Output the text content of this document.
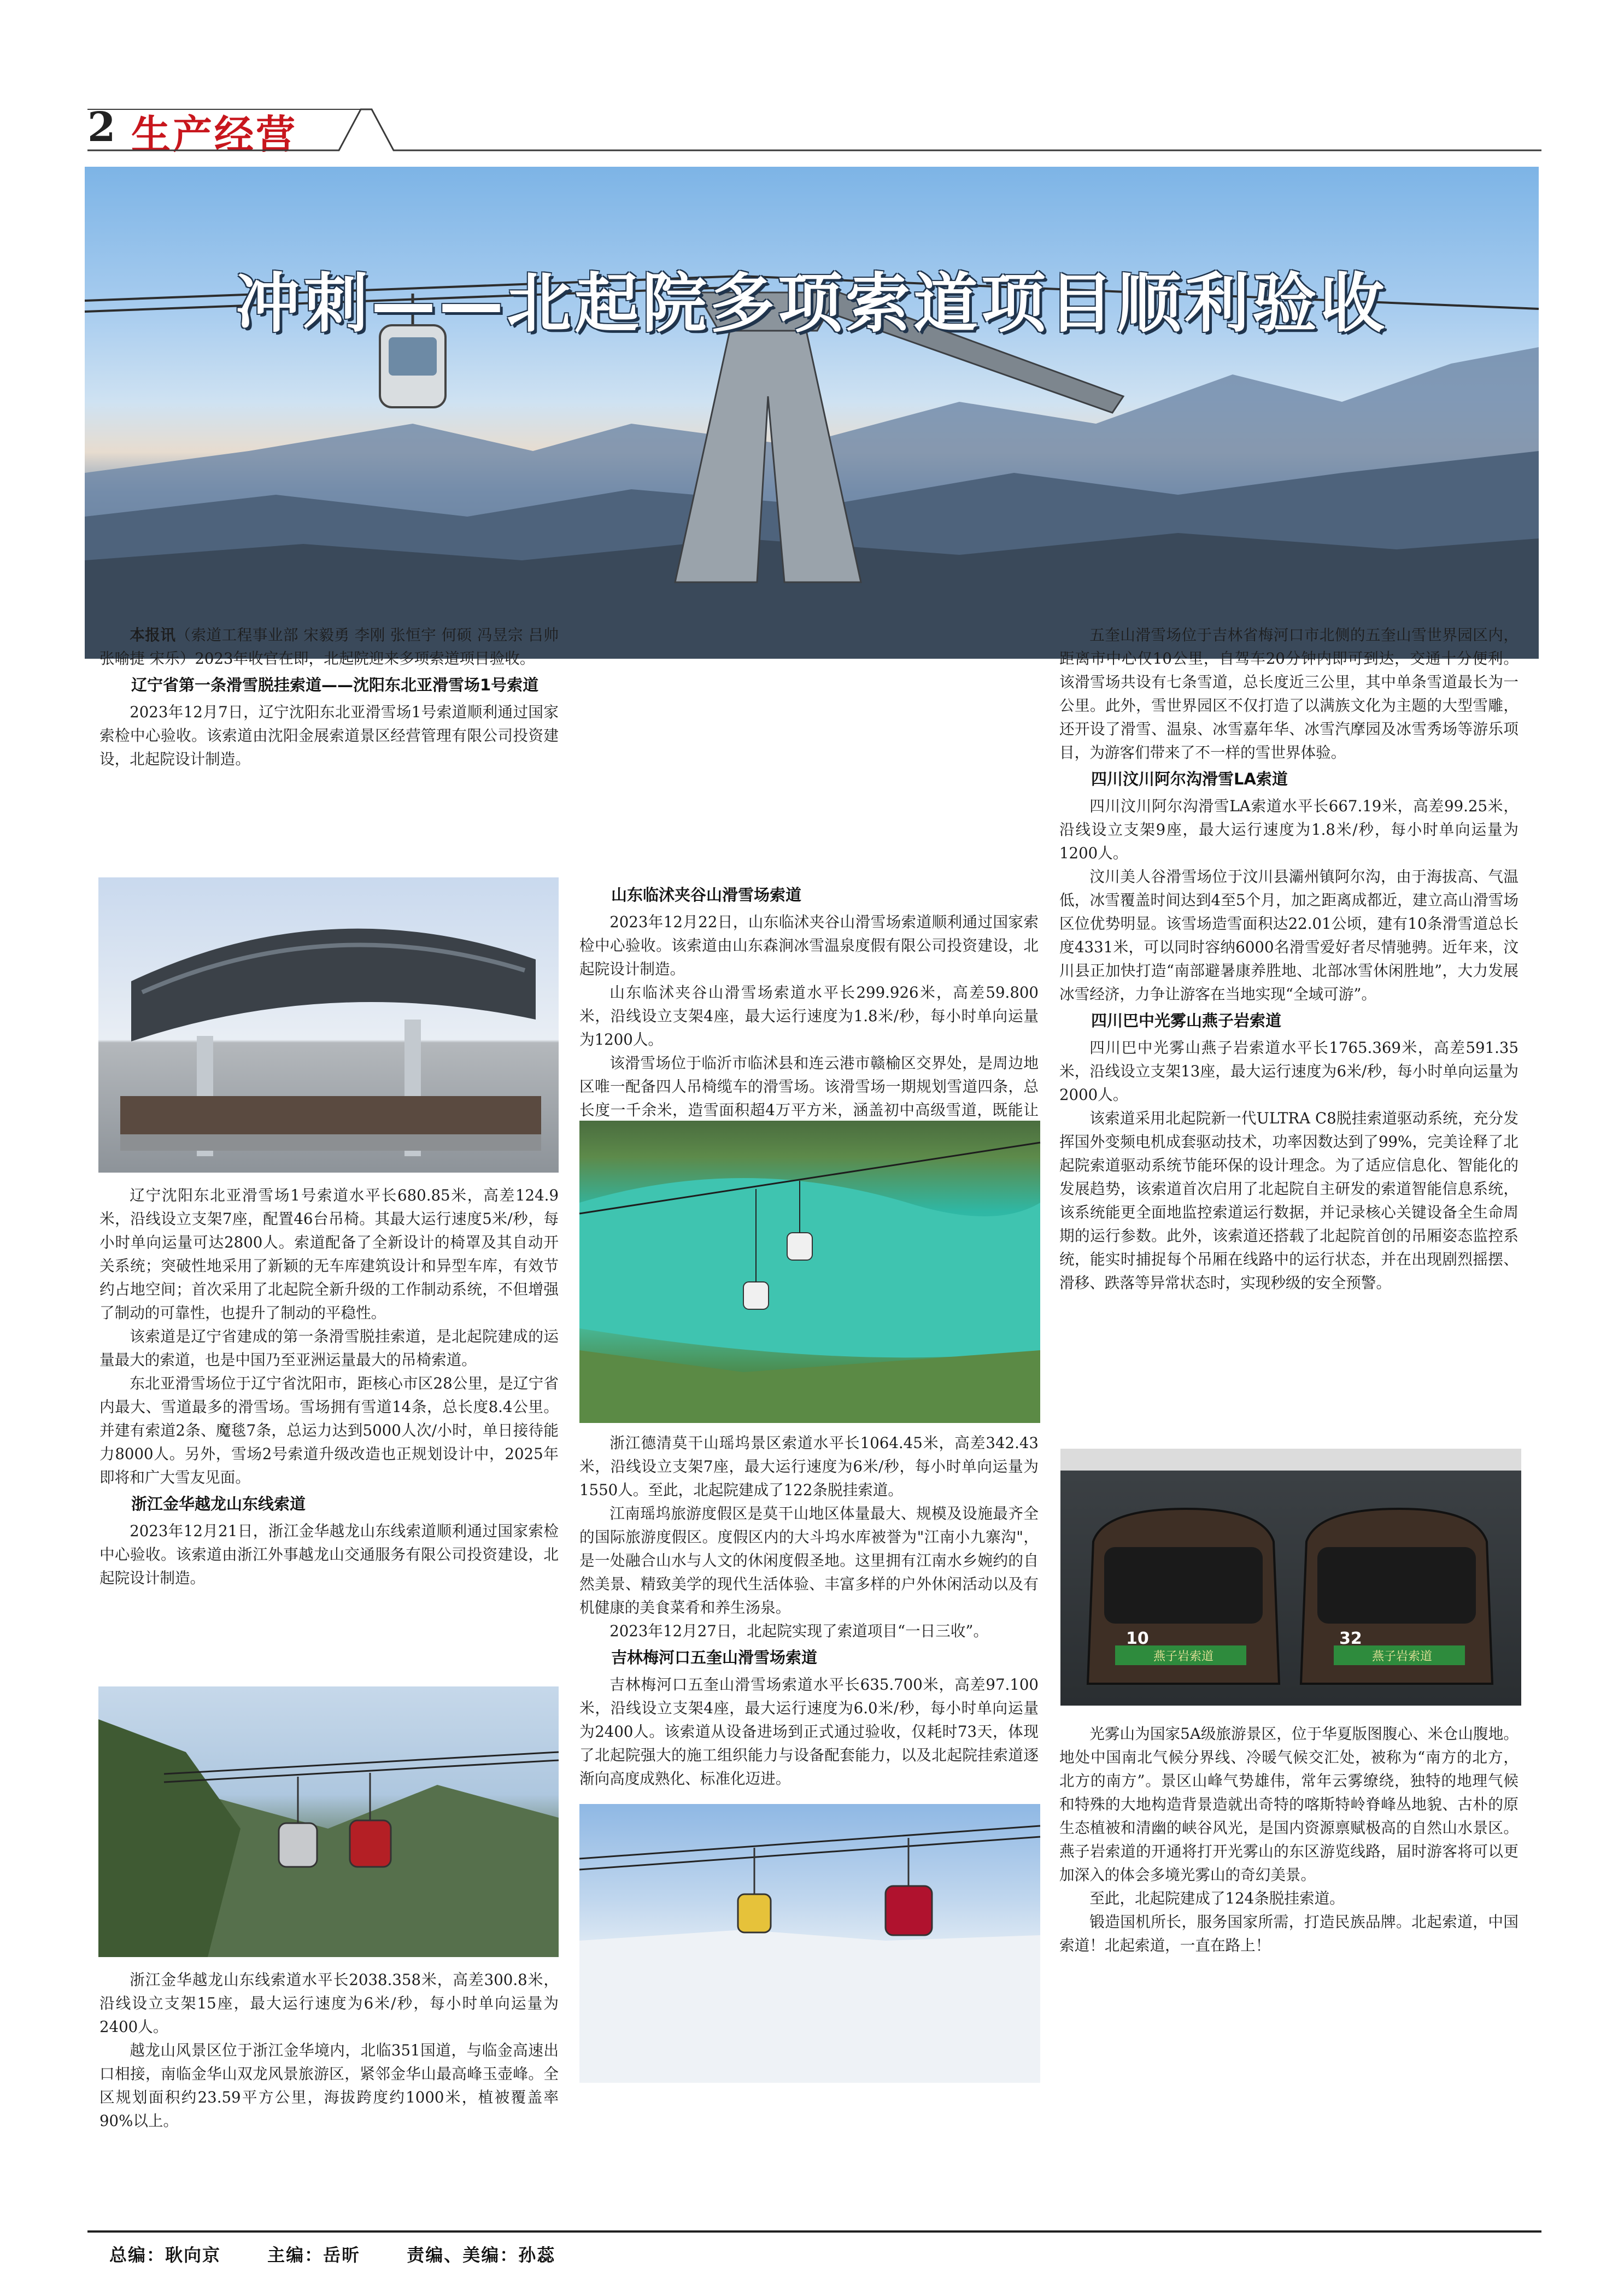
2 生产经营
冲刺——北起院多项索道项目顺利验收

本报讯（索道工程事业部 宋毅勇 李刚 张恒宇 何硕 冯昱宗 吕帅 张喻捷 宋乐）2023年收官在即，北起院迎来多项索道项目验收。

辽宁省第一条滑雪脱挂索道——沈阳东北亚滑雪场1号索道

2023年12月7日，辽宁沈阳东北亚滑雪场1号索道顺利通过国家索检中心验收。该索道由沈阳金展索道景区经营管理有限公司投资建设，北起院设计制造。

辽宁沈阳东北亚滑雪场1号索道水平长680.85米，高差124.9米，沿线设立支架7座，配置46台吊椅。其最大运行速度5米/秒，每小时单向运量可达2800人。索道配备了全新设计的椅罩及其自动开关系统；突破性地采用了新颖的无车库建筑设计和异型车库，有效节约占地空间；首次采用了北起院全新升级的工作制动系统，不但增强了制动的可靠性，也提升了制动的平稳性。

该索道是辽宁省建成的第一条滑雪脱挂索道，是北起院建成的运量最大的索道，也是中国乃至亚洲运量最大的吊椅索道。

东北亚滑雪场位于辽宁省沈阳市，距核心市区28公里，是辽宁省内最大、雪道最多的滑雪场。雪场拥有雪道14条，总长度8.4公里。并建有索道2条、魔毯7条，总运力达到5000人次/小时，单日接待能力8000人。另外，雪场2号索道升级改造也正规划设计中，2025年即将和广大雪友见面。

浙江金华越龙山东线索道

2023年12月21日，浙江金华越龙山东线索道顺利通过国家索检中心验收。该索道由浙江外事越龙山交通服务有限公司投资建设，北起院设计制造。

浙江金华越龙山东线索道水平长2038.358米，高差300.8米，沿线设立支架15座，最大运行速度为6米/秒，每小时单向运量为2400人。

越龙山风景区位于浙江金华境内，北临351国道，与临金高速出口相接，南临金华山双龙风景旅游区，紧邻金华山最高峰玉壶峰。全区规划面积约23.59平方公里，海拔跨度约1000米，植被覆盖率90%以上。

山东临沭夹谷山滑雪场索道

2023年12月22日，山东临沭夹谷山滑雪场索道顺利通过国家索检中心验收。该索道由山东森涧冰雪温泉度假有限公司投资建设，北起院设计制造。

山东临沭夹谷山滑雪场索道水平长299.926米，高差59.800米，沿线设立支架4座，最大运行速度为1.8米/秒，每小时单向运量为1200人。

该滑雪场位于临沂市临沭县和连云港市赣榆区交界处，是周边地区唯一配备四人吊椅缆车的滑雪场。该滑雪场一期规划雪道四条，总长度一千余米，造雪面积超4万平方米，涵盖初中高级雪道，既能让

浙江德清莫干山瑶坞景区索道水平长1064.45米，高差342.43米，沿线设立支架7座，最大运行速度为6米/秒，每小时单向运量为1550人。至此，北起院建成了122条脱挂索道。

江南瑶坞旅游度假区是莫干山地区体量最大、规模及设施最齐全的国际旅游度假区。度假区内的大斗坞水库被誉为"江南小九寨沟"，是一处融合山水与人文的休闲度假圣地。这里拥有江南水乡婉约的自然美景、精致美学的现代生活体验、丰富多样的户外休闲活动以及有机健康的美食菜肴和养生汤泉。

2023年12月27日，北起院实现了索道项目“一日三收”。

吉林梅河口五奎山滑雪场索道

吉林梅河口五奎山滑雪场索道水平长635.700米，高差97.100米，沿线设立支架4座，最大运行速度为6.0米/秒，每小时单向运量为2400人。该索道从设备进场到正式通过验收，仅耗时73天，体现了北起院强大的施工组织能力与设备配套能力，以及北起院挂索道逐渐向高度成熟化、标准化迈进。

五奎山滑雪场位于吉林省梅河口市北侧的五奎山雪世界园区内，距离市中心仅10公里，自驾车20分钟内即可到达，交通十分便利。该滑雪场共设有七条雪道，总长度近三公里，其中单条雪道最长为一公里。此外，雪世界园区不仅打造了以满族文化为主题的大型雪雕，还开设了滑雪、温泉、冰雪嘉年华、冰雪汽摩园及冰雪秀场等游乐项目，为游客们带来了不一样的雪世界体验。

四川汶川阿尔沟滑雪LA索道

四川汶川阿尔沟滑雪LA索道水平长667.19米，高差99.25米，沿线设立支架9座，最大运行速度为1.8米/秒，每小时单向运量为1200人。

汶川美人谷滑雪场位于汶川县灞州镇阿尔沟，由于海拔高、气温低，冰雪覆盖时间达到4至5个月，加之距离成都近，建立高山滑雪场区位优势明显。该雪场造雪面积达22.01公顷，建有10条滑雪道总长度4331米，可以同时容纳6000名滑雪爱好者尽情驰骋。近年来，汶川县正加快打造“南部避暑康养胜地、北部冰雪休闲胜地”，大力发展冰雪经济，力争让游客在当地实现“全域可游”。

四川巴中光雾山燕子岩索道

四川巴中光雾山燕子岩索道水平长1765.369米，高差591.35米，沿线设立支架13座，最大运行速度为6米/秒，每小时单向运量为2000人。

该索道采用北起院新一代ULTRA C8脱挂索道驱动系统，充分发挥国外变频电机成套驱动技术，功率因数达到了99%，完美诠释了北起院索道驱动系统节能环保的设计理念。为了适应信息化、智能化的发展趋势，该索道首次启用了北起院自主研发的索道智能信息系统，该系统能更全面地监控索道运行数据，并记录核心关键设备全生命周期的运行参数。此外，该索道还搭载了北起院首创的吊厢姿态监控系统，能实时捕捉每个吊厢在线路中的运行状态，并在出现剧烈摇摆、滑移、跌落等异常状态时，实现秒级的安全预警。

10	32
燕子岩索道	燕子岩索道

光雾山为国家5A级旅游景区，位于华夏版图腹心、米仓山腹地。地处中国南北气候分界线、冷暖气候交汇处，被称为“南方的北方，北方的南方”。景区山峰气势雄伟，常年云雾缭绕，独特的地理气候和特殊的大地构造背景造就出奇特的喀斯特岭脊峰丛地貌、古朴的原生态植被和清幽的峡谷风光，是国内资源禀赋极高的自然山水景区。燕子岩索道的开通将打开光雾山的东区游览线路，届时游客将可以更加深入的体会多境光雾山的奇幻美景。

至此，北起院建成了124条脱挂索道。

锻造国机所长，服务国家所需，打造民族品牌。北起索道，中国索道！北起索道，一直在路上！

总编：耿向京	主编：岳昕	责编、美编：孙蕊
